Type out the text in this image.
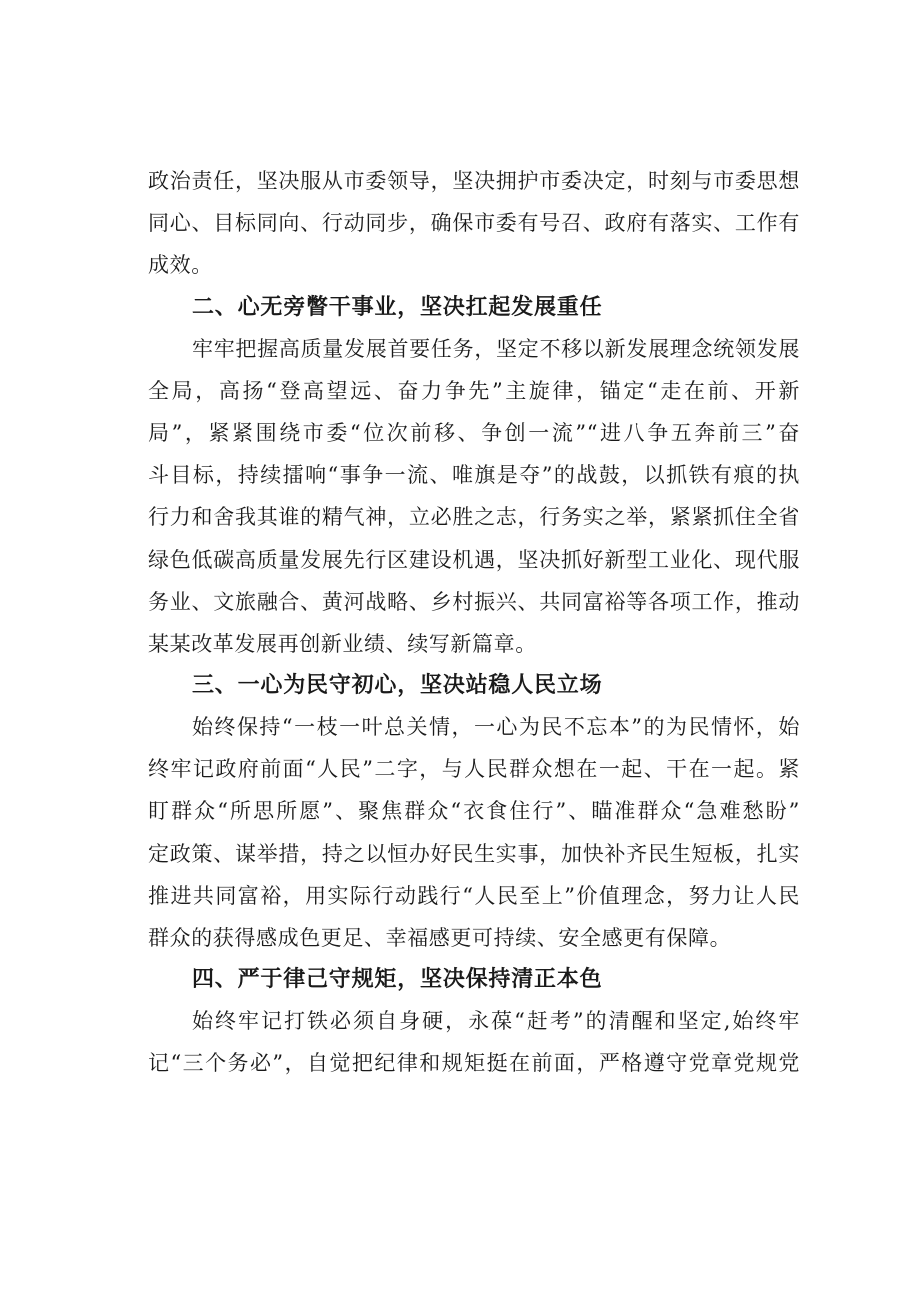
政治责任，坚决服从市委领导，坚决拥护市委决定，时刻与市委思想
同心、目标同向、行动同步，确保市委有号召、政府有落实、工作有
成效。
二、心无旁瞥干事业，坚决扛起发展重任
牢牢把握高质量发展首要任务，坚定不移以新发展理念统领发展
全局，高扬“登高望远、奋力争先”主旋律，锚定“走在前、开新
局”，紧紧围绕市委“位次前移、争创一流”“进八争五奔前三”奋
斗目标，持续擂响“事争一流、唯旗是夺”的战鼓，以抓铁有痕的执
行力和舍我其谁的精气神，立必胜之志，行务实之举，紧紧抓住全省
绿色低碳高质量发展先行区建设机遇，坚决抓好新型工业化、现代服
务业、文旅融合、黄河战略、乡村振兴、共同富裕等各项工作，推动
某某改革发展再创新业绩、续写新篇章。
三、一心为民守初心，坚决站稳人民立场
始终保持“一枝一叶总关情，一心为民不忘本”的为民情怀，始
终牢记政府前面“人民”二字，与人民群众想在一起、干在一起。紧
盯群众“所思所愿”、聚焦群众“衣食住行”、瞄准群众“急难愁盼”
定政策、谋举措，持之以恒办好民生实事，加快补齐民生短板，扎实
推进共同富裕，用实际行动践行“人民至上”价值理念，努力让人民
群众的获得感成色更足、幸福感更可持续、安全感更有保障。
四、严于律己守规矩，坚决保持清正本色
始终牢记打铁必须自身硬，永葆“赶考”的清醒和坚定,始终牢
记“三个务必”，自觉把纪律和规矩挺在前面，严格遵守党章党规党
